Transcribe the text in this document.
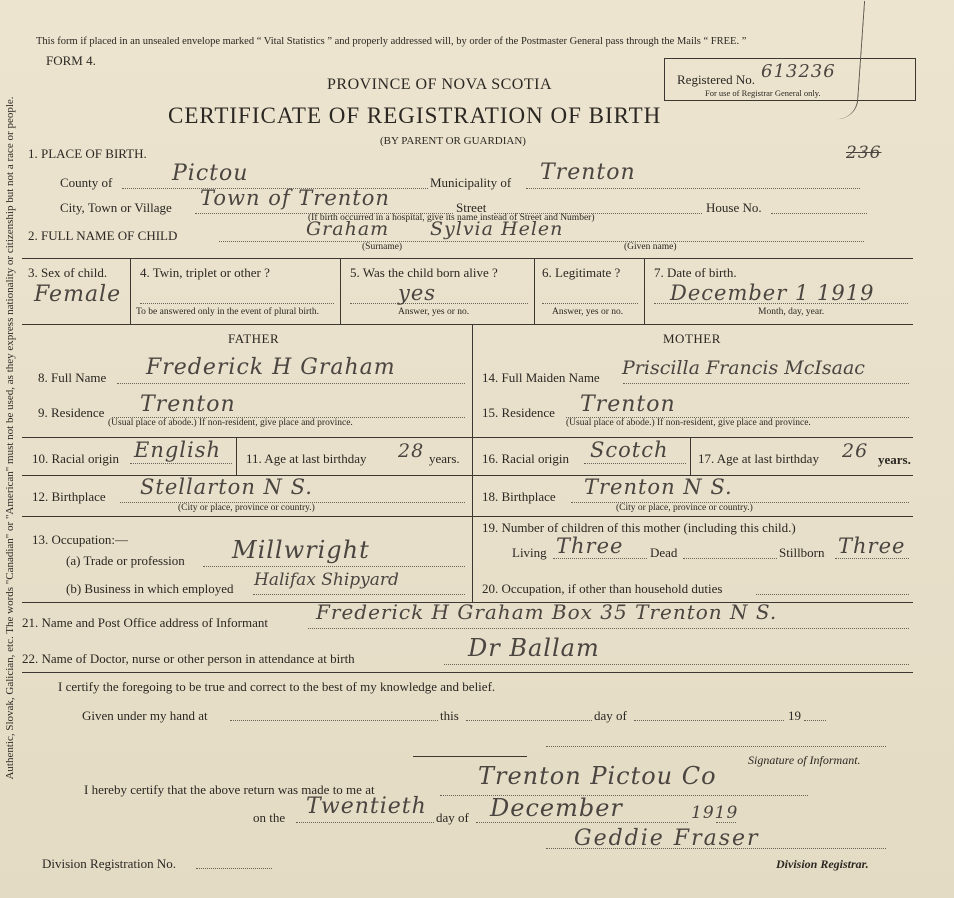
Authentic, Slovak, Galician, etc. The words "Canadian" or "American" must not be used, as they express nationality or citizenship but not a race or people.
This form if placed in an unsealed envelope marked “ Vital Statistics ” and properly addressed will, by order of the Postmaster General pass through the Mails “ FREE. ”
FORM 4.
PROVINCE OF NOVA SCOTIA
CERTIFICATE OF REGISTRATION OF BIRTH
(BY PARENT OR GUARDIAN)
Registered No. 613236
For use of Registrar General only.
236
1. PLACE OF BIRTH.
County of	Pictou	Municipality of Trenton
City, Town or Village Town of Trenton	Street	House No.
(If birth occurred in a hospital, give its name instead of Street and Number)
2. FULL NAME OF CHILD	Graham Sylvia Helen
(Surname)	(Given name)
3. Sex of child.
Female
4. Twin, triplet or other ?
To be answered only in the event of plural birth.
5. Was the child born alive ?
yes
Answer, yes or no.
6. Legitimate ?
Answer, yes or no.
7. Date of birth.
December 1 1919
Month, day, year.
FATHER	MOTHER
8. Full Name Frederick H Graham	14. Full Maiden Name Priscilla Francis McIsaac
9. Residence Trenton
(Usual place of abode.) If non-resident, give place and province.
15. Residence Trenton
(Usual place of abode.) If non-resident, give place and province.
10. Racial origin English 11. Age at last birthday 28 years. 16. Racial origin Scotch 17. Age at last birthday 26 years.
12. Birthplace Stellarton N S.
(City or place, province or country.)
18. Birthplace Trenton N S.
(City or place, province or country.)
13. Occupation:—
(a) Trade or profession Millwright
(b) Business in which employed Halifax Shipyard
19. Number of children of this mother (including this child.)
Living Three Dead	Stillborn Three
20. Occupation, if other than household duties
21. Name and Post Office address of Informant Frederick H Graham Box 35 Trenton N S.
22. Name of Doctor, nurse or other person in attendance at birth	Dr Ballam
I certify the foregoing to be true and correct to the best of my knowledge and belief.
Given under my hand at	this	day of	19
Signature of Informant.
I hereby certify that the above return was made to me at	Trenton Pictou Co
on the Twentieth day of December	1919
Division Registration No.
Geddie Fraser
Division Registrar.
